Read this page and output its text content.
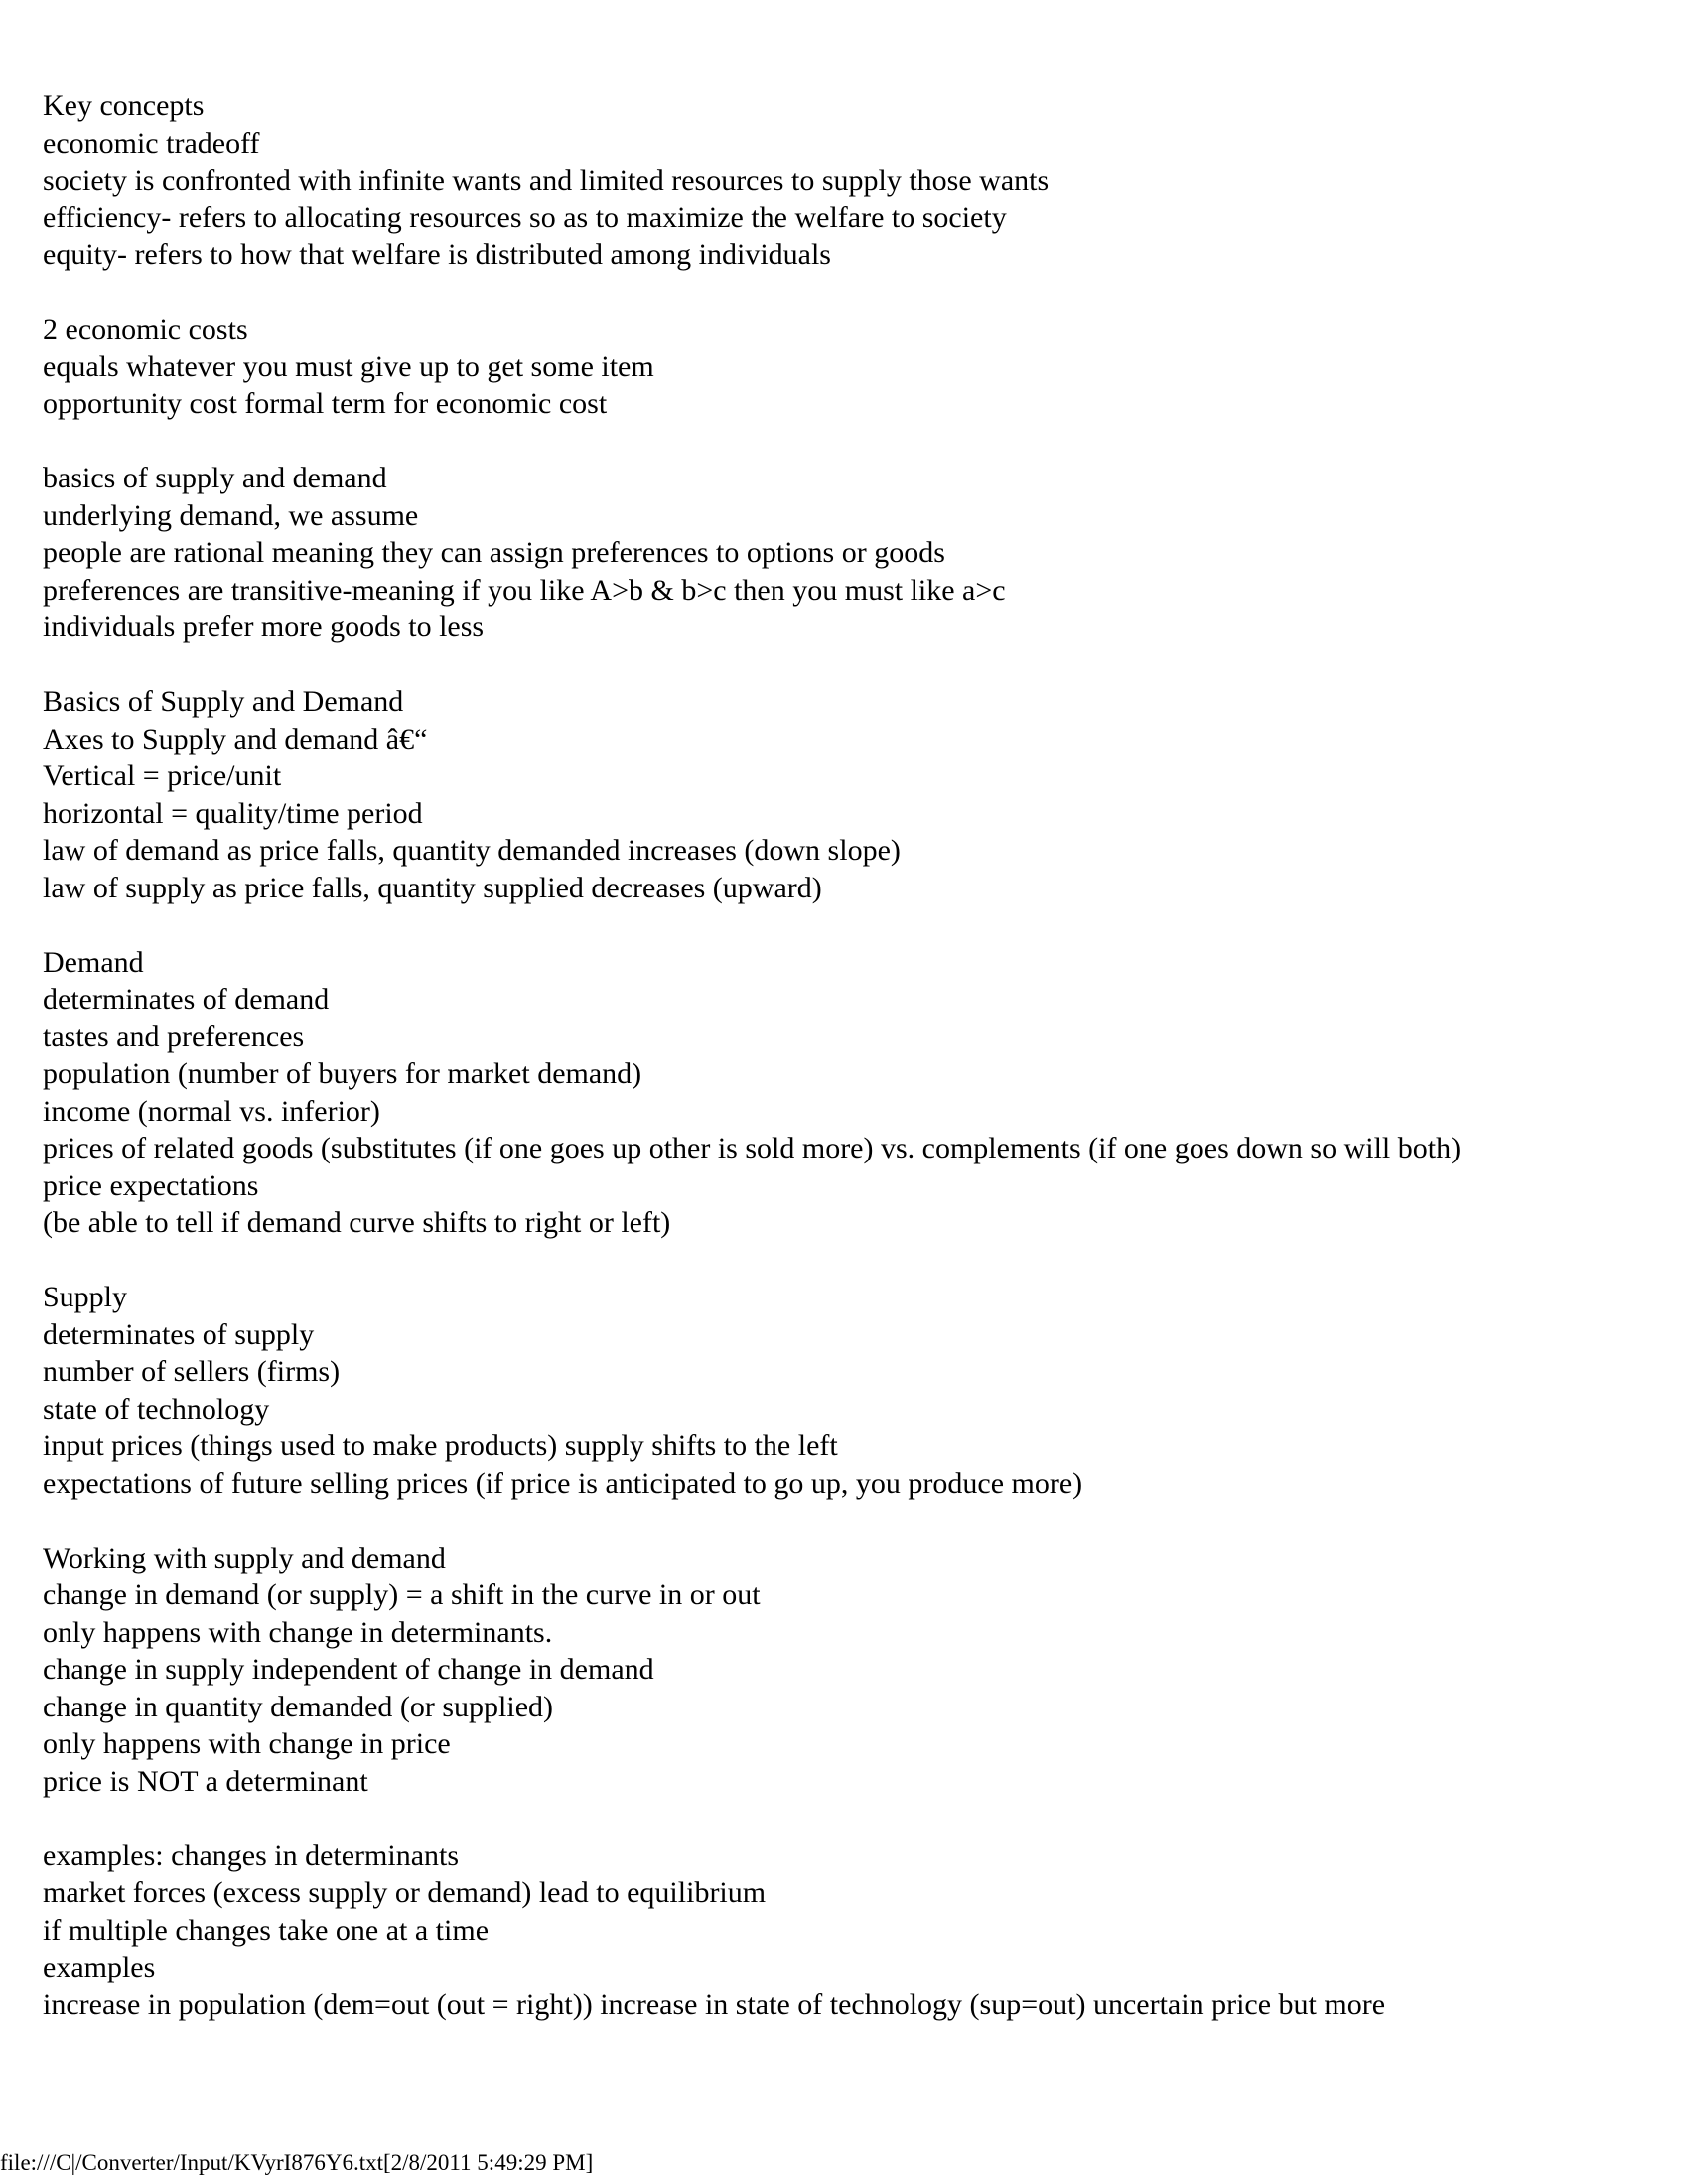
Key concepts
economic tradeoff
society is confronted with infinite wants and limited resources to supply those wants
efficiency- refers to allocating resources so as to maximize the welfare to society
equity- refers to how that welfare is distributed among individuals
2 economic costs
equals whatever you must give up to get some item
opportunity cost formal term for economic cost
basics of supply and demand
underlying demand, we assume
people are rational meaning they can assign preferences to options or goods
preferences are transitive-meaning if you like A>b & b>c then you must like a>c
individuals prefer more goods to less
Basics of Supply and Demand
Axes to Supply and demand â€“
Vertical = price/unit
horizontal = quality/time period
law of demand as price falls, quantity demanded increases (down slope)
law of supply as price falls, quantity supplied decreases (upward)
Demand
determinates of demand
tastes and preferences
population (number of buyers for market demand)
income (normal vs. inferior)
prices of related goods (substitutes (if one goes up other is sold more) vs. complements (if one goes down so will both)
price expectations
(be able to tell if demand curve shifts to right or left)
Supply
determinates of supply
number of sellers (firms)
state of technology
input prices (things used to make products) supply shifts to the left
expectations of future selling prices (if price is anticipated to go up, you produce more)
Working with supply and demand
change in demand (or supply) = a shift in the curve in or out
only happens with change in determinants.
change in supply independent of change in demand
change in quantity demanded (or supplied)
only happens with change in price
price is NOT a determinant
examples: changes in determinants
market forces (excess supply or demand) lead to equilibrium
if multiple changes take one at a time
examples
increase in population (dem=out (out = right)) increase in state of technology (sup=out) uncertain price but more
file:///C|/Converter/Input/KVyrI876Y6.txt[2/8/2011 5:49:29 PM]
